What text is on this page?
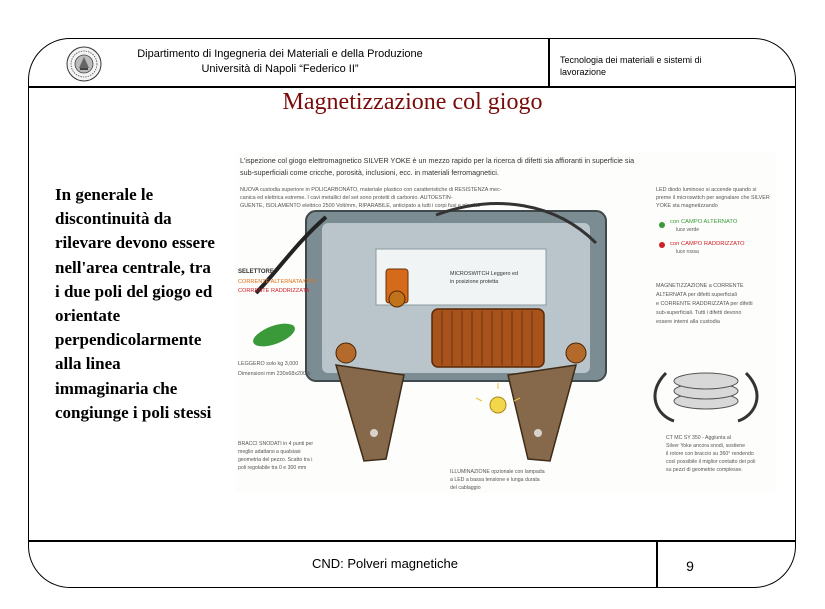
Dipartimento di Ingegneria dei Materiali e della Produzione
Università di Napoli “Federico II”
Tecnologia dei materiali e sistemi di
lavorazione
Magnetizzazione col giogo
In generale le discontinuità da rilevare devono essere nell'area centrale, tra i due poli del giogo ed orientate perpendicolarmente alla linea immaginaria che congiunge i poli stessi
L'ispezione col giogo elettromagnetico SILVER YOKE è un mezzo rapido per la ricerca di difetti sia affioranti in superficie sia sub-superficiali come cricche, porosità, inclusioni, ecc. in materiali ferromagnetici.
NUOVA custodia superiore in POLICARBONATO, materiale plastico con caratteristiche di RESISTENZA mec-
canica ed elettrica estreme. I cavi metallici del set sono protetti di carbonio. AUTOESTIN-
GUENTE, ISOLAMENTO elettrico 2500 Volt/mm, RIPARABILE, anticipato a tutti i corpi fusi e plastici.
LED diodo luminoso si accende quando si
preme il microswitch per segnalare che SILVER
YOKE sta magnetizzando
con CAMPO ALTERNATO
luce verde
con CAMPO RADDRIZZATO
luce rossa
SELETTORE:
CORRENTE ALTERNATA/OFF/
CORRENTE RADDRIZZATA
MICROSWITCH Leggero ed
in posizione protetta
MAGNETIZZAZIONE a CORRENTE
ALTERNATA per difetti superficiali
e CORRENTE RADDRIZZATA per difetti
sub-superficiali. Tutti i difetti devono
essere interni alla custodia
LEGGERO solo kg 3,000
Dimensioni mm 230x68x200 h
BRACCI SNODATI in 4 punti per
meglio adattarsi a qualsiasi
geometria del pezzo. Scatto tra i
poli regolabile tra 0 e 300 mm
ILLUMINAZIONE opzionale con lampada
a LED a bassa tensione e lunga durata
del cablaggio
CT MC SY 350 - Aggiunta al
Silver Yoke ancora snodi, sostiene
il rotore con braccio su 360° rendendo
così possibile il miglior contatto dei poli
su pezzi di geometrie complesse.
CND: Polveri magnetiche	9
